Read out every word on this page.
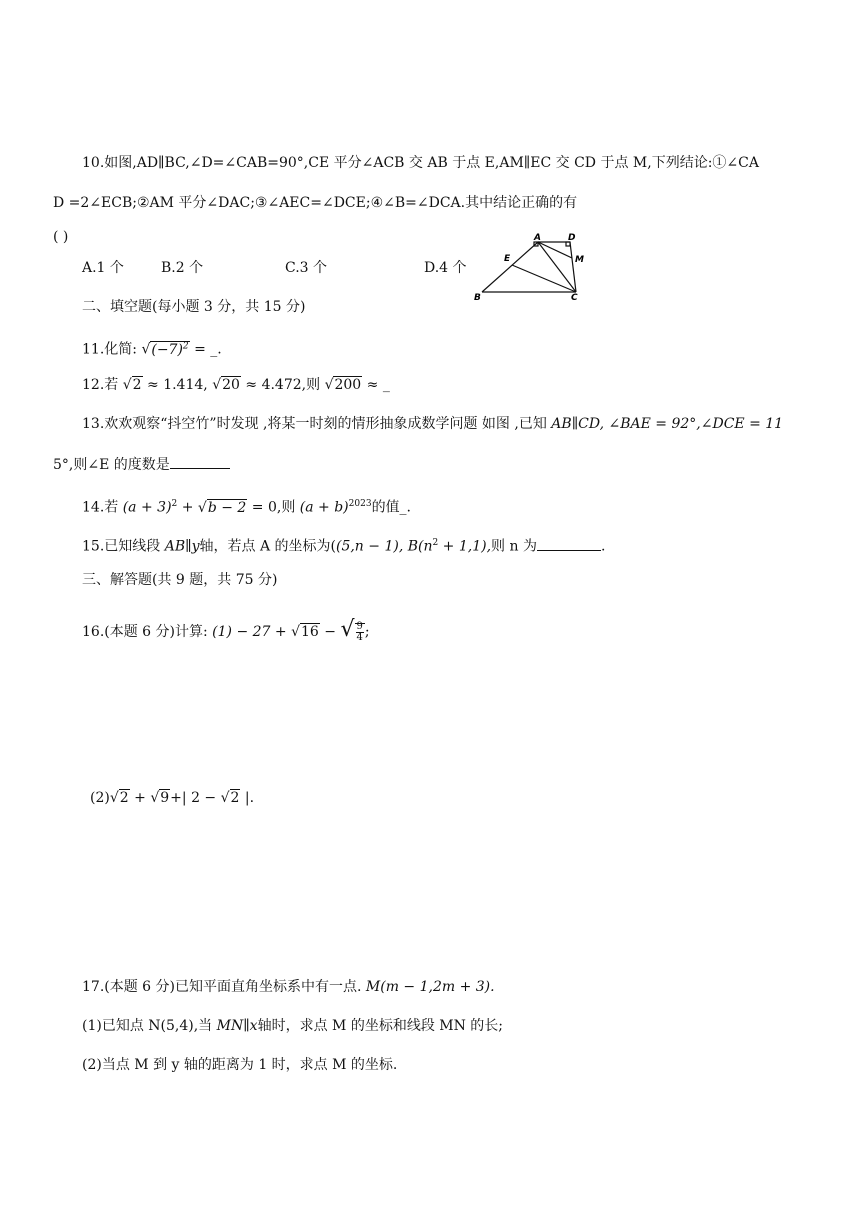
10.如图,AD∥BC,∠D=∠CAB=90°,CE 平分∠ACB 交 AB 于点 E,AM∥EC 交 CD 于点 M,下列结论:①∠CA
D =2∠ECB;②AM 平分∠DAC;③∠AEC=∠DCE;④∠B=∠DCA.其中结论正确的有
( )
A.1 个	B.2 个	C.3 个	D.4 个
A	D
E	M
B	C
二、填空题(每小题 3 分，共 15 分)
11.化简: $√(-7)^2$ = _.
12.若 √2 ≈ 1.414, √20 ≈ 4.472,则 √200 ≈ _
13.欢欢观察“抖空竹”时发现 ,将某一时刻的情形抽象成数学问题 如图 ,已知 AB∥CD, ∠BAE = 92°,∠DCE = 11
5°,则∠E 的度数是
14.若 $(a + 3)^2 + √b - 2 = 0$,则 $(a + b)^{2023}$的值_.
15.已知线段 AB∥y轴，若点 A 的坐标为((5,n − 1), $B(n^2 + 1,1)$,则 n 为	.
三、解答题(共 9 题，共 75 分)
16.(本题 6 分)计算: (1) − 27 + √16 − √ $\frac{9}{4}$ ;
(2)√2 + √9+| 2 − √2 |.
17.(本题 6 分)已知平面直角坐标系中有一点. M(m − 1,2m + 3).
(1)已知点 N(5,4),当 MN∥x轴时，求点 M 的坐标和线段 MN 的长;
(2)当点 M 到 y 轴的距离为 1 时，求点 M 的坐标.
